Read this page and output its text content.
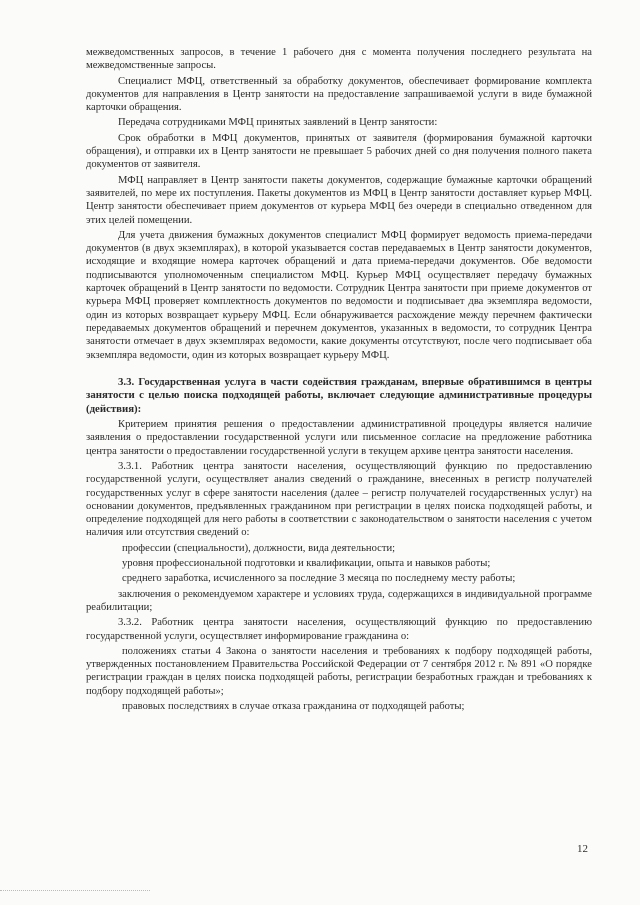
межведомственных запросов, в течение 1 рабочего дня с момента получения последнего результата на межведомственные запросы.

Специалист МФЦ, ответственный за обработку документов, обеспечивает формирование комплекта документов для направления в Центр занятости на предоставление запрашиваемой услуги в виде бумажной карточки обращения.

Передача сотрудниками МФЦ принятых заявлений в Центр занятости:

Срок обработки в МФЦ документов, принятых от заявителя (формирования бумажной карточки обращения), и отправки их в Центр занятости не превышает 5 рабочих дней со дня получения полного пакета документов от заявителя.

МФЦ направляет в Центр занятости пакеты документов, содержащие бумажные карточки обращений заявителей, по мере их поступления. Пакеты документов из МФЦ в Центр занятости доставляет курьер МФЦ. Центр занятости обеспечивает прием документов от курьера МФЦ без очереди в специально отведенном для этих целей помещении.

Для учета движения бумажных документов специалист МФЦ формирует ведомость приема-передачи документов (в двух экземплярах), в которой указывается состав передаваемых в Центр занятости документов, исходящие и входящие номера карточек обращений и дата приема-передачи документов. Обе ведомости подписываются уполномоченным специалистом МФЦ. Курьер МФЦ осуществляет передачу бумажных карточек обращений в Центр занятости по ведомости. Сотрудник Центра занятости при приеме документов от курьера МФЦ проверяет комплектность документов по ведомости и подписывает два экземпляра ведомости, один из которых возвращает курьеру МФЦ. Если обнаруживается расхождение между перечнем фактически передаваемых документов обращений и перечнем документов, указанных в ведомости, то сотрудник Центра занятости отмечает в двух экземплярах ведомости, какие документы отсутствуют, после чего подписывает оба экземпляра ведомости, один из которых возвращает курьеру МФЦ.

3.3. Государственная услуга в части содействия гражданам, впервые обратившимся в центры занятости с целью поиска подходящей работы, включает следующие административные процедуры (действия):

Критерием принятия решения о предоставлении административной процедуры является наличие заявления о предоставлении государственной услуги или письменное согласие на предложение работника центра занятости о предоставлении государственной услуги в текущем архиве центра занятости населения.

3.3.1. Работник центра занятости населения, осуществляющий функцию по предоставлению государственной услуги, осуществляет анализ сведений о гражданине, внесенных в регистр получателей государственных услуг в сфере занятости населения (далее – регистр получателей государственных услуг) на основании документов, предъявленных гражданином при регистрации в целях поиска подходящей работы, и определение подходящей для него работы в соответствии с законодательством о занятости населения с учетом наличия или отсутствия сведений о:

профессии (специальности), должности, вида деятельности;

уровня профессиональной подготовки и квалификации, опыта и навыков работы;

среднего заработка, исчисленного за последние 3 месяца по последнему месту работы;

заключения о рекомендуемом характере и условиях труда, содержащихся в индивидуальной программе реабилитации;

3.3.2. Работник центра занятости населения, осуществляющий функцию по предоставлению государственной услуги, осуществляет информирование гражданина о:

положениях статьи 4 Закона о занятости населения и требованиях к подбору подходящей работы, утвержденных постановлением Правительства Российской Федерации от 7 сентября 2012 г. № 891 «О порядке регистрации граждан в целях поиска подходящей работы, регистрации безработных граждан и требованиях к подбору подходящей работы»;

правовых последствиях в случае отказа гражданина от подходящей работы;

12
